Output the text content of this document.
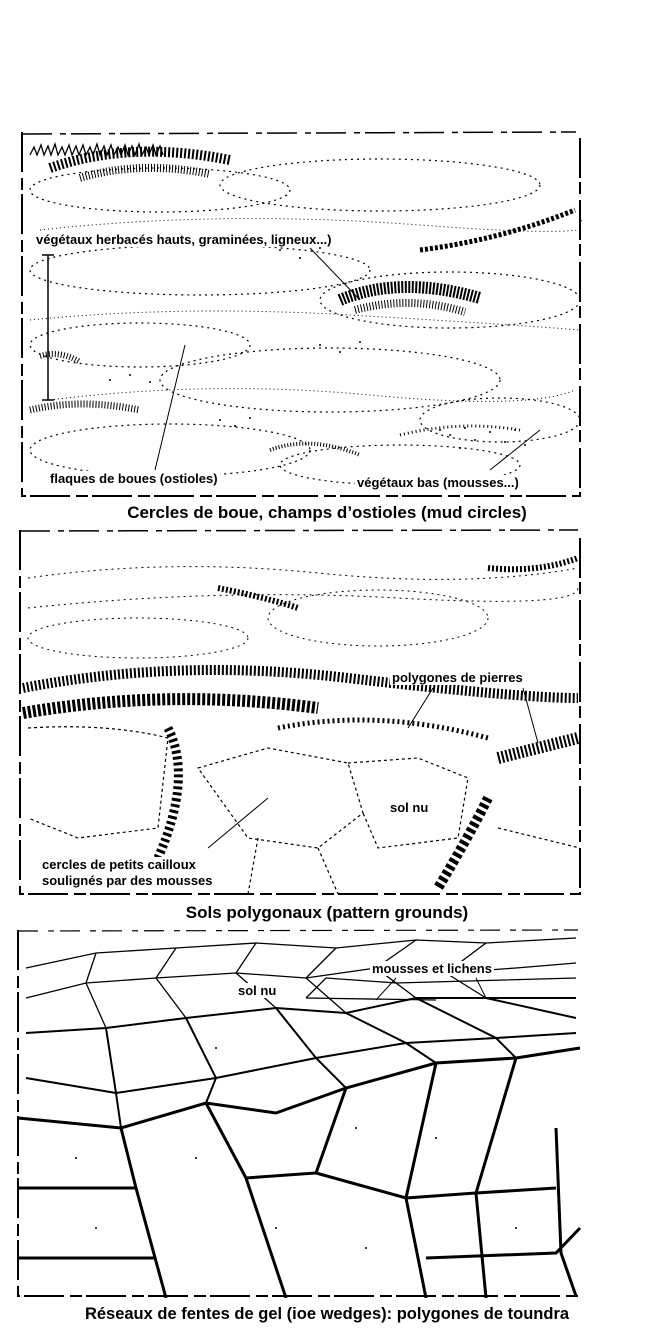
végétaux herbacés hauts, graminées, ligneux...)
flaques de boues (ostioles)	végétaux bas (mousses...)
Cercles de boue, champs d’ostioles (mud circles)
polygones de pierres
sol nu
cercles de petits cailloux
soulignés par des mousses
Sols polygonaux (pattern grounds)
mousses et lichens
sol nu
Réseaux de fentes de gel (ioe wedges): polygones de toundra
